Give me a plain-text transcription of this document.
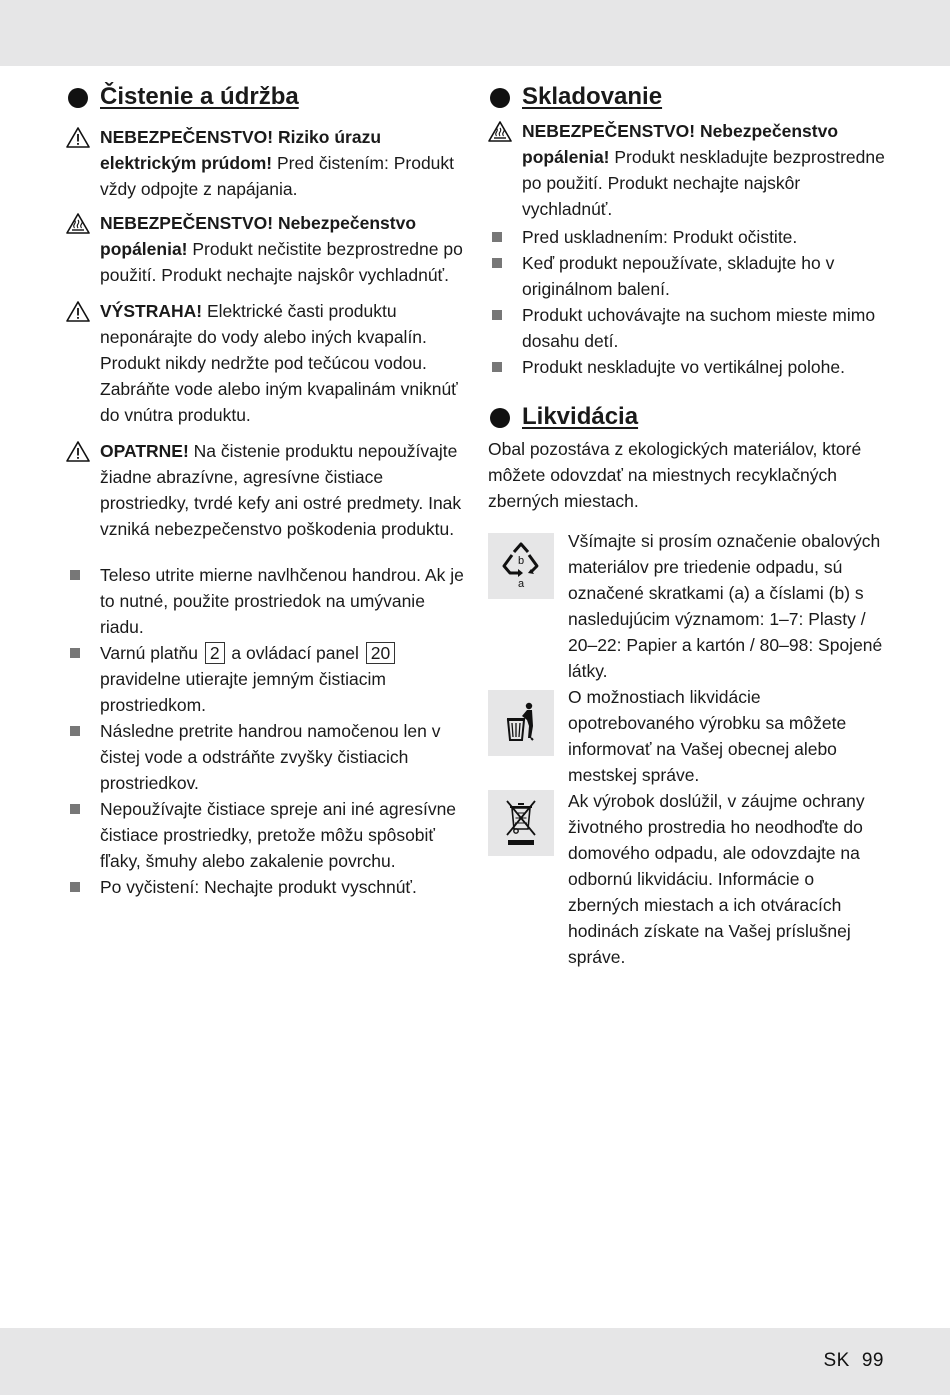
Čistenie a údržba

NEBEZPEČENSTVO! Riziko úrazu elektrickým prúdom! Pred čistením: Produkt vždy odpojte z napájania.

NEBEZPEČENSTVO! Nebezpečenstvo popálenia! Produkt nečistite bezprostredne po použití. Produkt nechajte najskôr vychladnúť.

VÝSTRAHA! Elektrické časti produktu neponárajte do vody alebo iných kvapalín. Produkt nikdy nedržte pod tečúcou vodou. Zabráňte vode alebo iným kvapalinám vniknúť do vnútra produktu.

OPATRNE! Na čistenie produktu nepoužívajte žiadne abrazívne, agresívne čistiace prostriedky, tvrdé kefy ani ostré predmety. Inak vzniká nebezpečenstvo poškodenia produktu.

Teleso utrite mierne navlhčenou handrou. Ak je to nutné, použite prostriedok na umývanie riadu.
Varnú platňu 2 a ovládací panel 20 pravidelne utierajte jemným čistiacim prostriedkom.
Následne pretrite handrou namočenou len v čistej vode a odstráňte zvyšky čistiacich prostriedkov.
Nepoužívajte čistiace spreje ani iné agresívne čistiace prostriedky, pretože môžu spôsobiť fľaky, šmuhy alebo zakalenie povrchu.
Po vyčistení: Nechajte produkt vyschnúť.
Skladovanie

NEBEZPEČENSTVO! Nebezpečenstvo popálenia! Produkt neskladujte bezprostredne po použití. Produkt nechajte najskôr vychladnúť.

Pred uskladnením: Produkt očistite.
Keď produkt nepoužívate, skladujte ho v originálnom balení.
Produkt uchovávajte na suchom mieste mimo dosahu detí.
Produkt neskladujte vo vertikálnej polohe.
Likvidácia

Obal pozostáva z ekologických materiálov, ktoré môžete odovzdať na miestnych recyklačných zberných miestach.

b
a

Všímajte si prosím označenie obalových materiálov pre triedenie odpadu, sú označené skratkami (a) a číslami (b) s nasledujúcim významom: 1–7: Plasty / 20–22: Papier a kartón / 80–98: Spojené látky.

O možnostiach likvidácie opotrebovaného výrobku sa môžete informovať na Vašej obecnej alebo mestskej správe.

Ak výrobok doslúžil, v záujme ochrany životného prostredia ho neodhoďte do domového odpadu, ale odovzdajte na odbornú likvidáciu. Informácie o zberných miestach a ich otváracích hodinách získate na Vašej príslušnej správe.

SK 99
